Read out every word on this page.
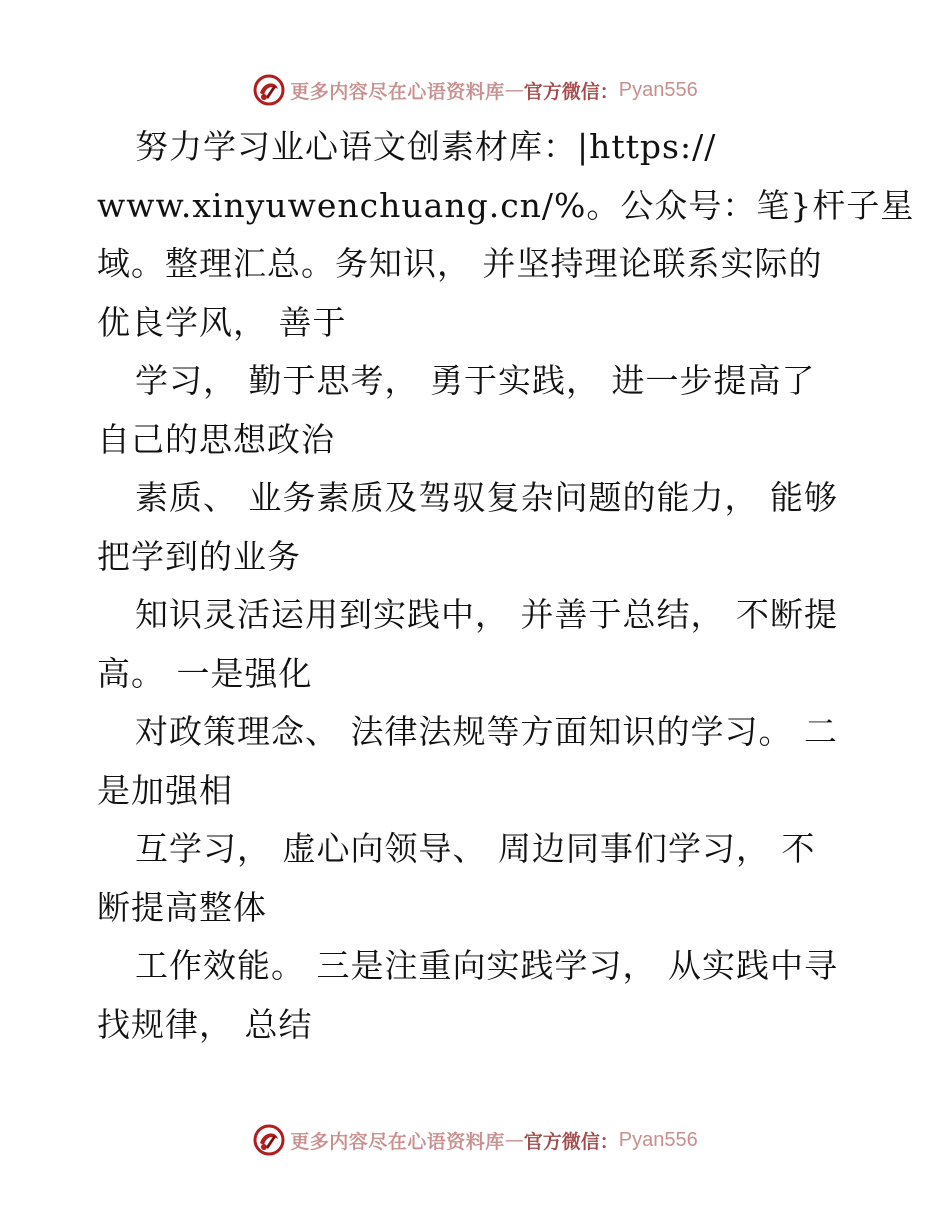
更多内容尽在心语资料库 — 官方微信： Pyan556
努力学习业心语文创素材库：|https://
www.xinyuwenchuang.cn/%。公众号：笔}杆子星
域。整理汇总。务知识， 并坚持理论联系实际的
优良学风， 善于
学习， 勤于思考， 勇于实践， 进一步提高了
自己的思想政治
素质、 业务素质及驾驭复杂问题的能力， 能够
把学到的业务
知识灵活运用到实践中， 并善于总结， 不断提
高。 一是强化
对政策理念、 法律法规等方面知识的学习。 二
是加强相
互学习， 虚心向领导、 周边同事们学习， 不
断提高整体
工作效能。 三是注重向实践学习， 从实践中寻
找规律， 总结
更多内容尽在心语资料库 — 官方微信： Pyan556
